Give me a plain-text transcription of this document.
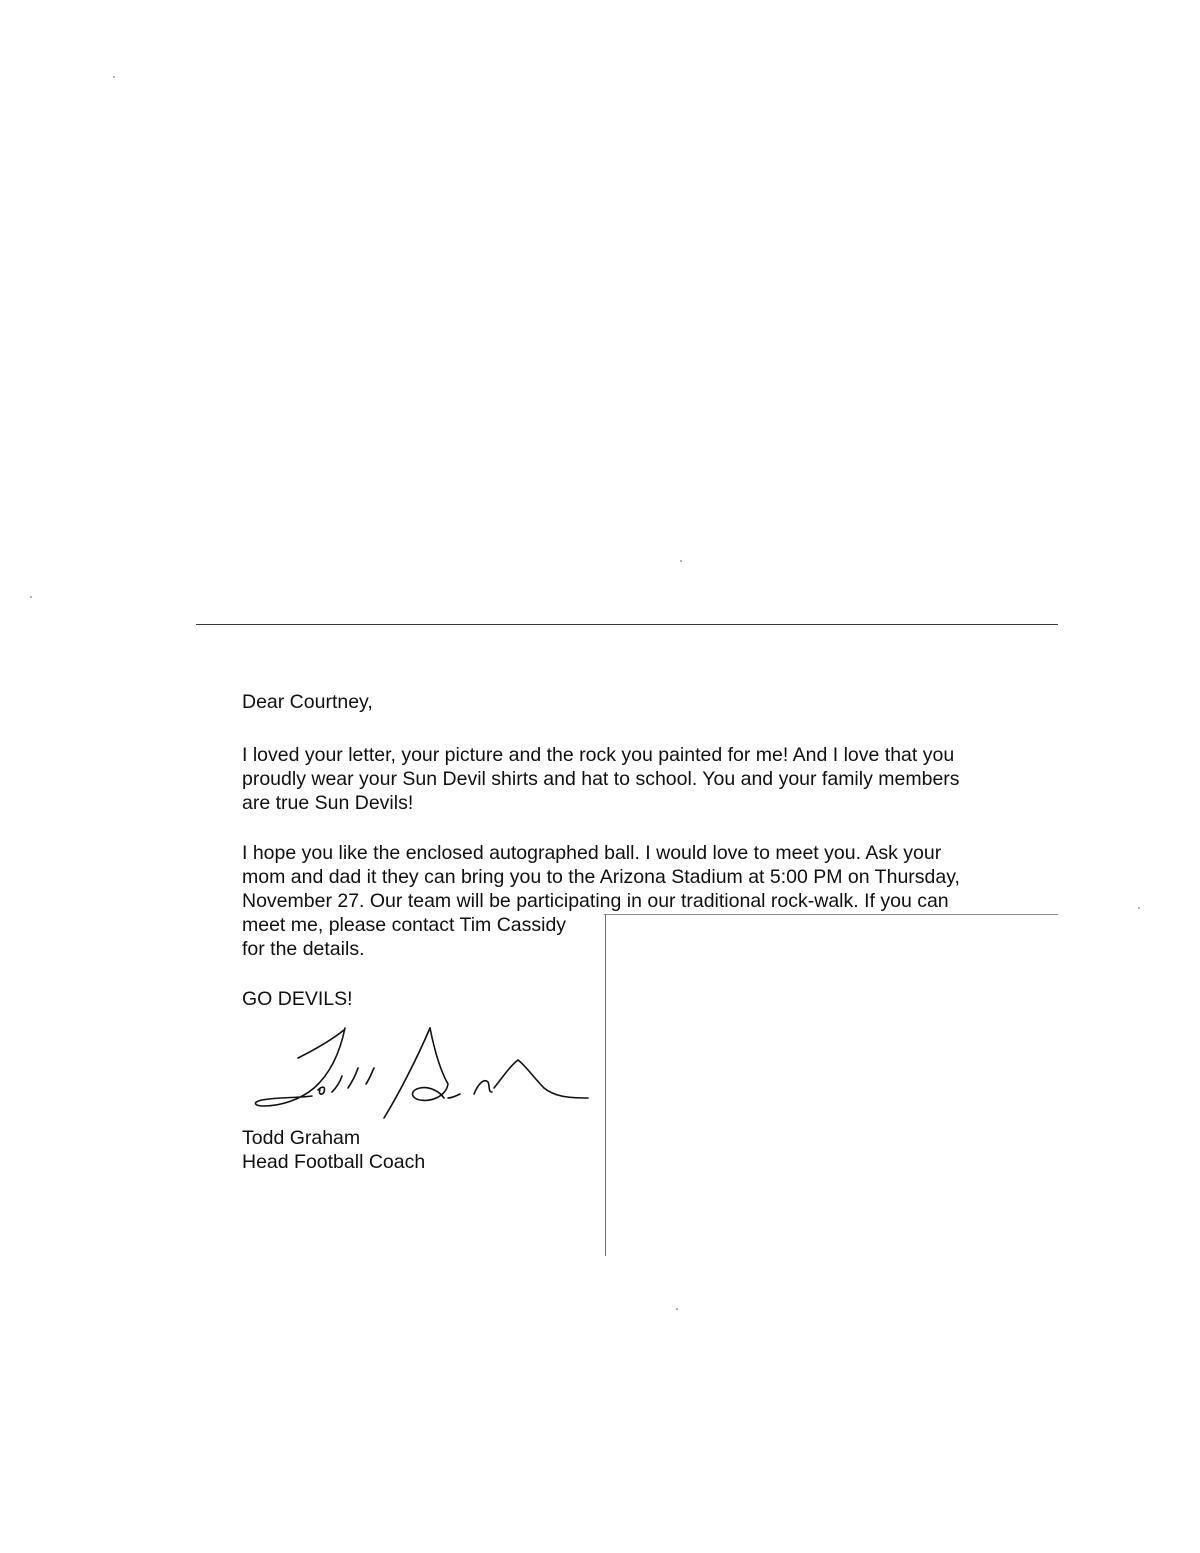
Dear Courtney,

I loved your letter, your picture and the rock you painted for me! And I love that you

proudly wear your Sun Devil shirts and hat to school. You and your family members

are true Sun Devils!

I hope you like the enclosed autographed ball. I would love to meet you. Ask your

mom and dad it they can bring you to the Arizona Stadium at 5:00 PM on Thursday,

November 27. Our team will be participating in our traditional rock-walk. If you can

meet me, please contact Tim Cassidy

for the details.

GO DEVILS!

Todd Graham

Head Football Coach
